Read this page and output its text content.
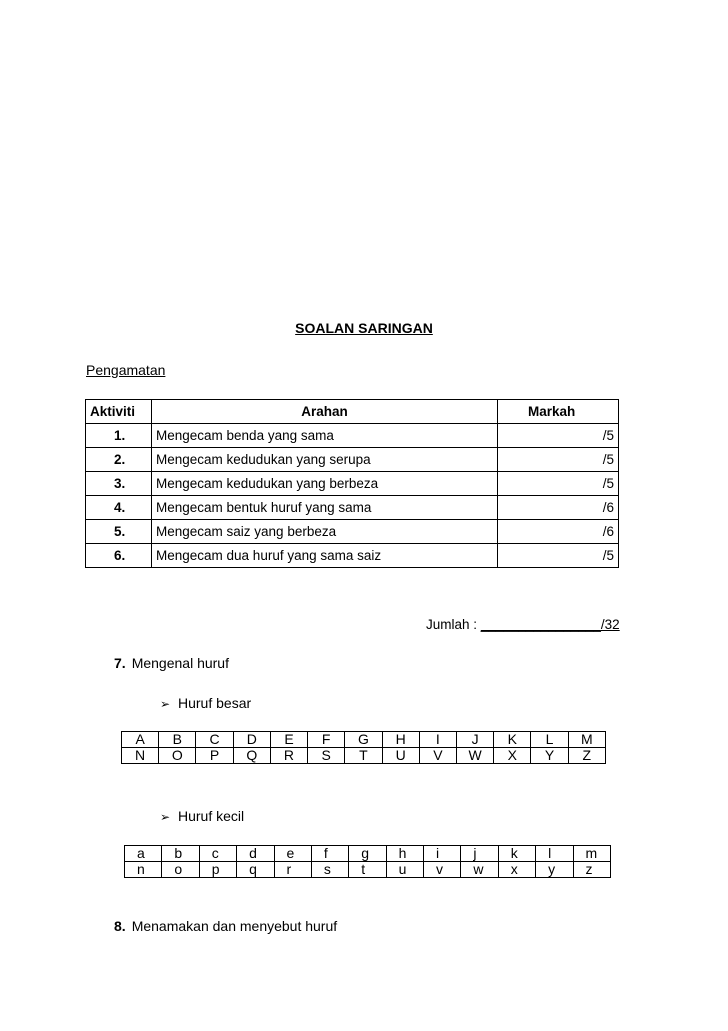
SOALAN SARINGAN
Pengamatan
Aktiviti	Arahan	Markah
1.	Mengecam benda yang sama	/5
2.	Mengecam kedudukan yang serupa	/5
3.	Mengecam kedudukan yang berbeza	/5
4.	Mengecam bentuk huruf yang sama	/6
5.	Mengecam saiz yang berbeza	/6
6.	Mengecam dua huruf yang sama saiz	/5
Jumlah : ________________/32
7. Mengenal huruf
➢ Huruf besar
A	B	C	D	E	F	G	H	I	J	K	L	M
N	O	P	Q	R	S	T	U	V	W	X	Y	Z
➢ Huruf kecil
a	b	c	d	e	f	g	h	i	j	k	l	m
n	o	p	q	r	s	t	u	v	w	x	y	z
8. Menamakan dan menyebut huruf
